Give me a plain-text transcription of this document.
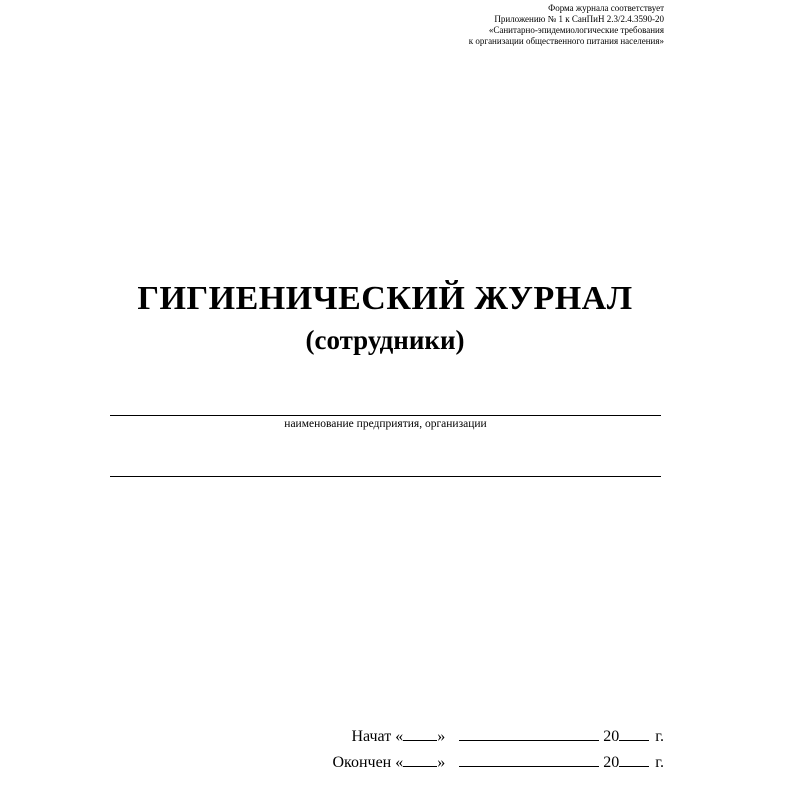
Форма журнала соответствует
Приложению № 1 к СанПиН 2.3/2.4.3590-20
«Санитарно-эпидемиологические требования
к организации общественного питания населения»
ГИГИЕНИЧЕСКИЙ ЖУРНАЛ
(сотрудники)
наименование предприятия, организации
Начат « »	20 г.
Окончен « »	20 г.
